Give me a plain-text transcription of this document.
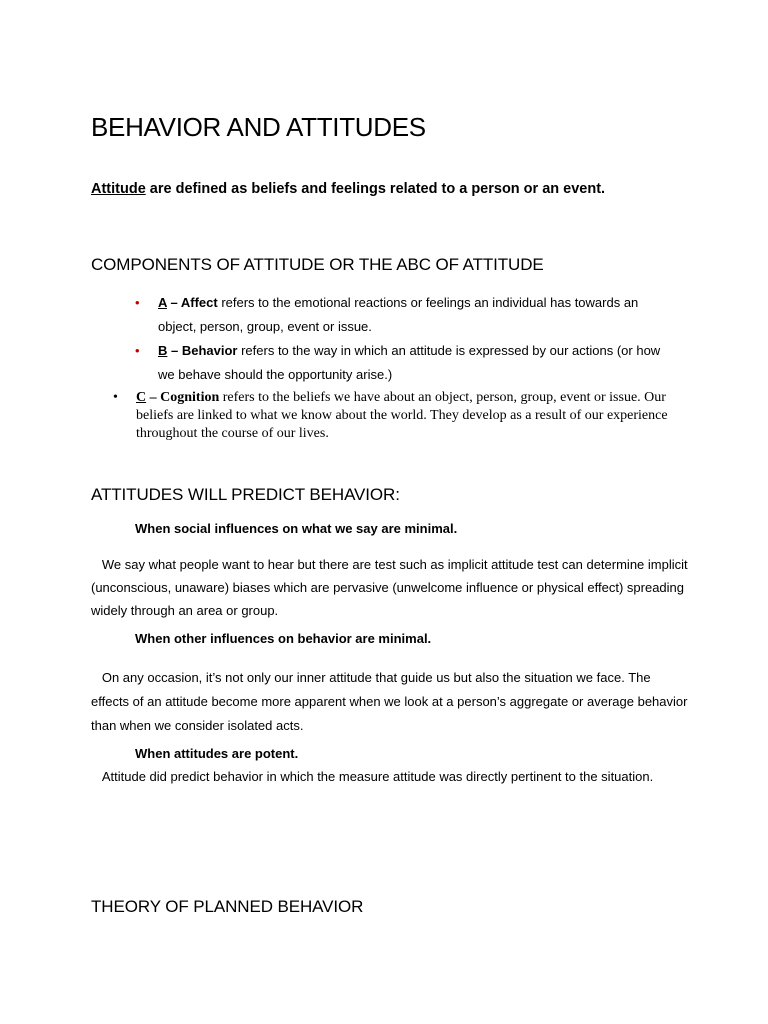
BEHAVIOR AND ATTITUDES

Attitude are defined as beliefs and feelings related to a person or an event.

COMPONENTS OF ATTITUDE OR THE ABC OF ATTITUDE
• A – Affect refers to the emotional reactions or feelings an individual has towards an object, person, group, event or issue.
• B – Behavior refers to the way in which an attitude is expressed by our actions (or how we behave should the opportunity arise.)
• C – Cognition refers to the beliefs we have about an object, person, group, event or issue. Our beliefs are linked to what we know about the world. They develop as a result of our experience throughout the course of our lives.
ATTITUDES WILL PREDICT BEHAVIOR:

When social influences on what we say are minimal.

We say what people want to hear but there are test such as implicit attitude test can determine implicit (unconscious, unaware) biases which are pervasive (unwelcome influence or physical effect) spreading widely through an area or group.

When other influences on behavior are minimal.

On any occasion, it’s not only our inner attitude that guide us but also the situation we face. The effects of an attitude become more apparent when we look at a person’s aggregate or average behavior than when we consider isolated acts.

When attitudes are potent.

Attitude did predict behavior in which the measure attitude was directly pertinent to the situation.

THEORY OF PLANNED BEHAVIOR
